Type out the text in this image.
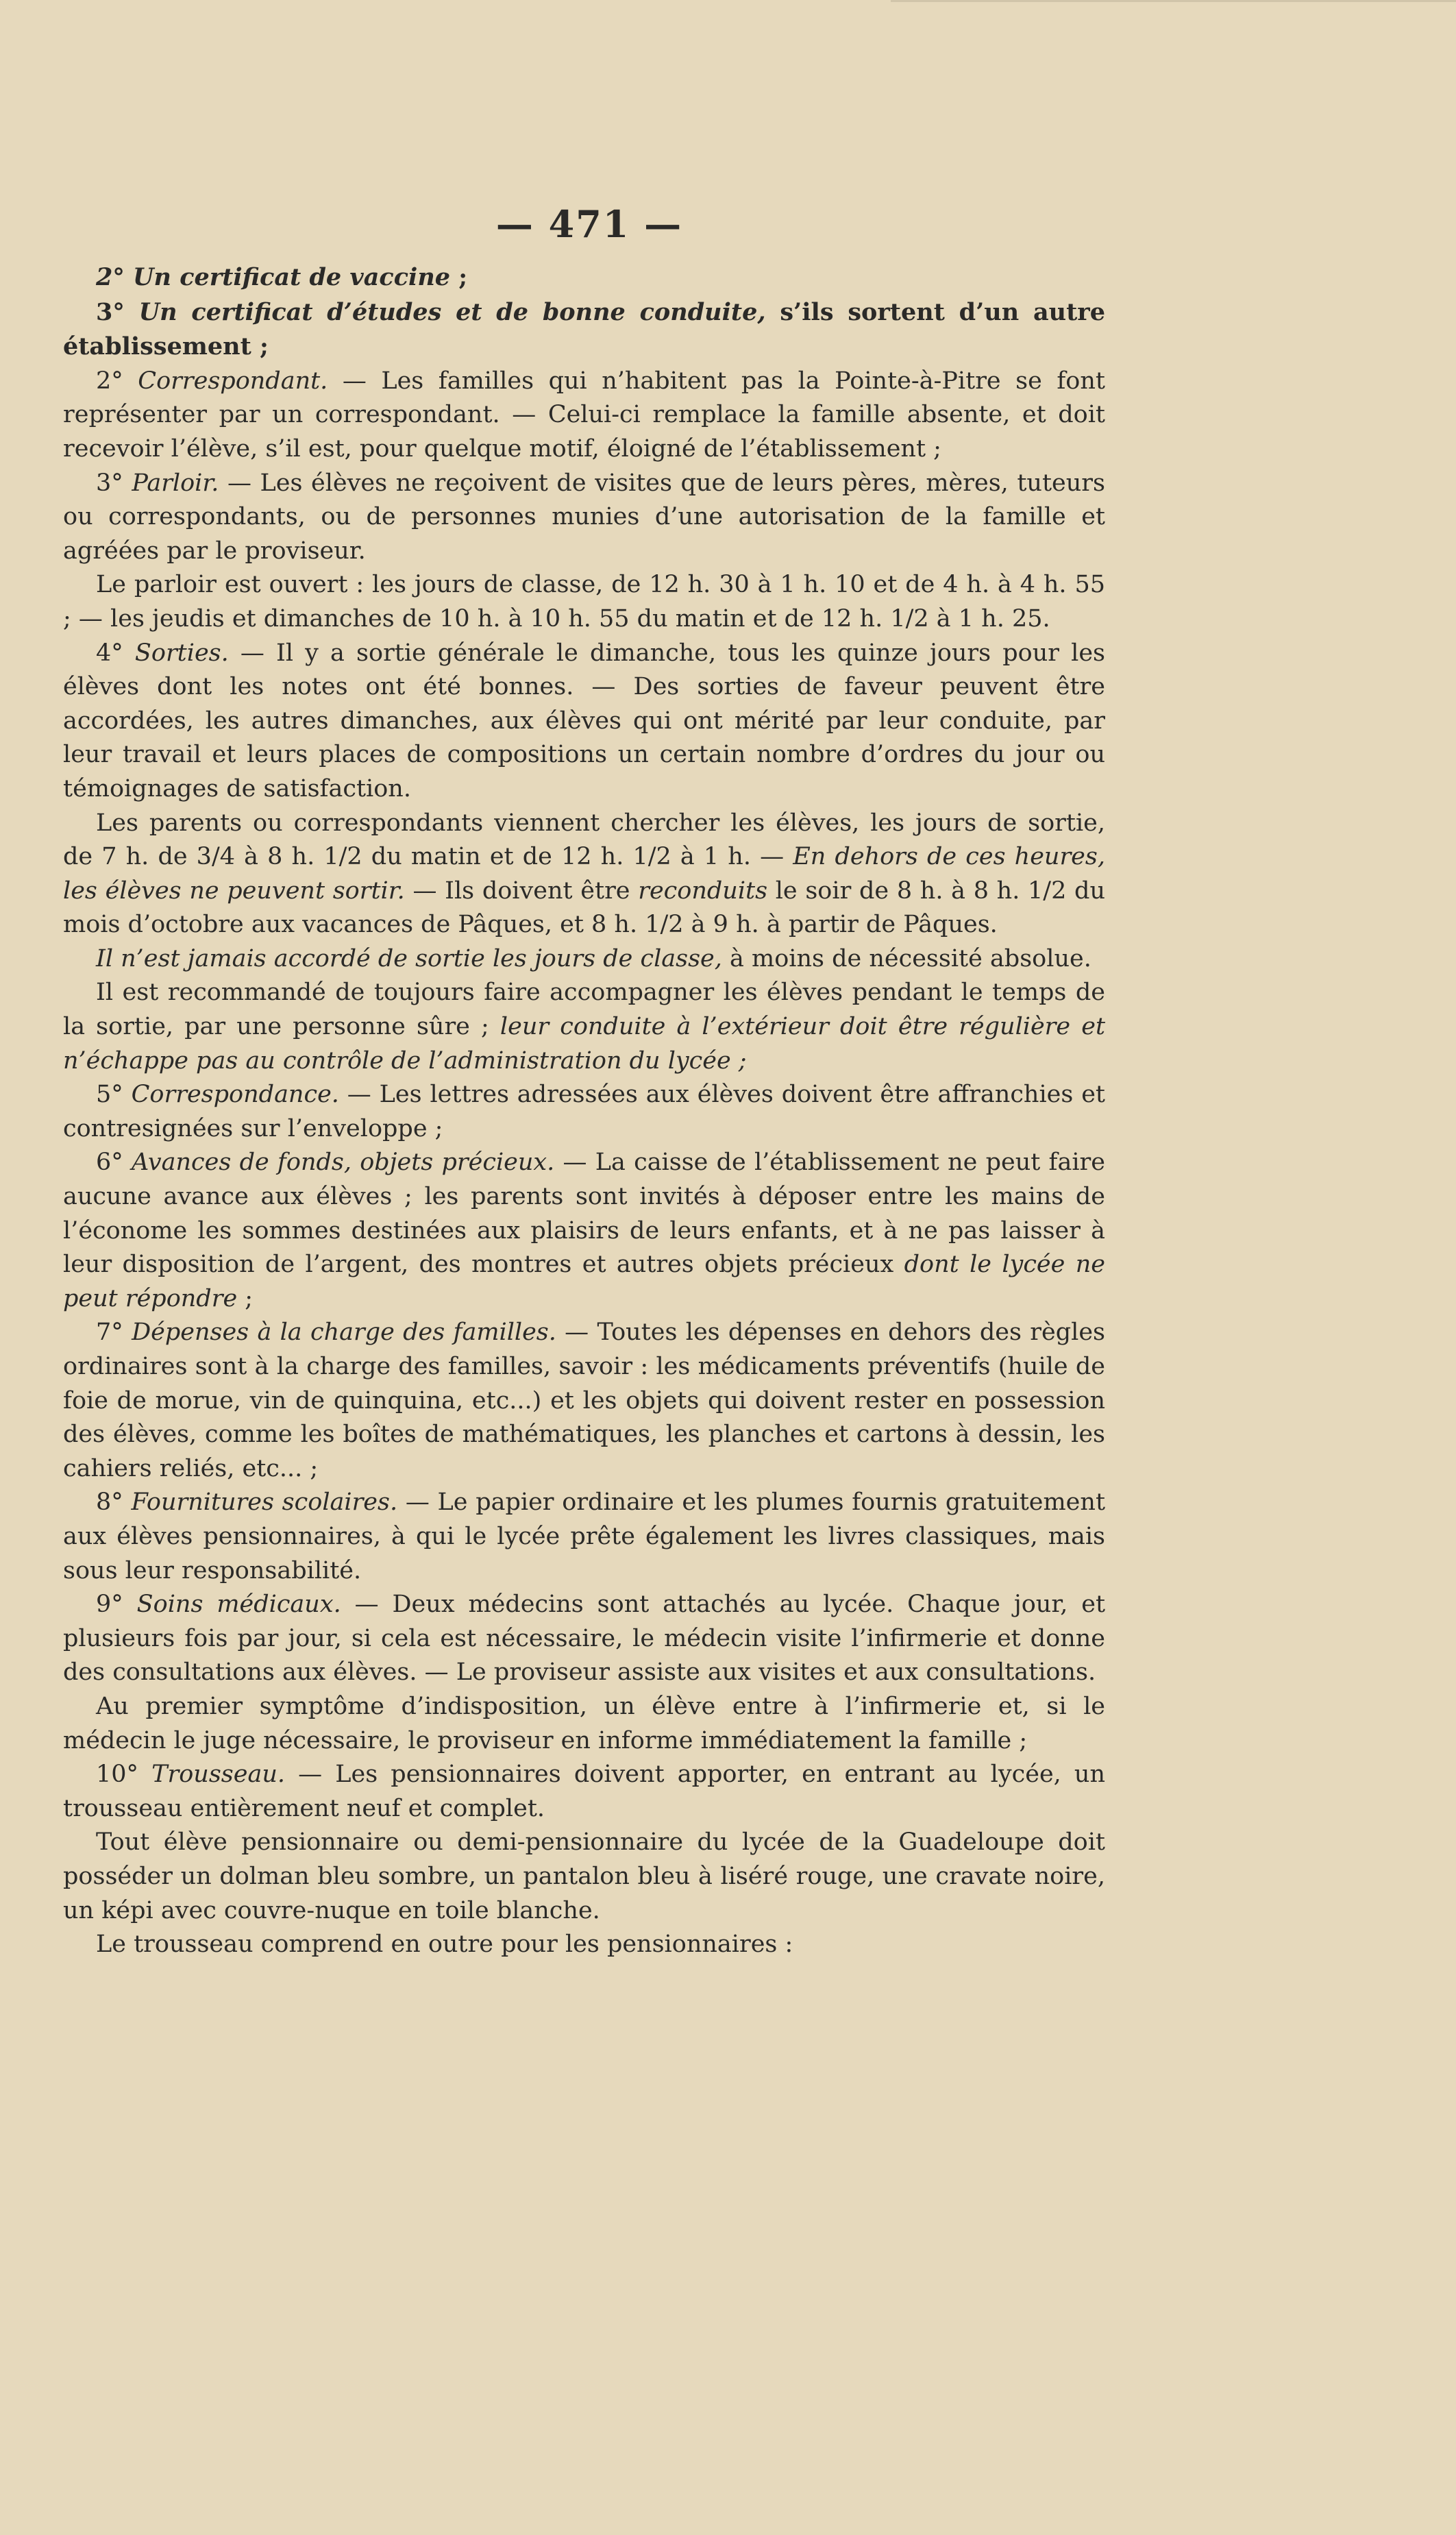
— 471 —

2° Un certificat de vaccine ;

3° Un certificat d’études et de bonne conduite, s’ils sortent d’un autre établissement ;

2° Correspondant. — Les familles qui n’habitent pas la Pointe-à-Pitre se font représenter par un correspondant. — Celui-ci remplace la famille absente, et doit recevoir l’élève, s’il est, pour quelque motif, éloigné de l’établissement ;

3° Parloir. — Les élèves ne reçoivent de visites que de leurs pères, mères, tuteurs ou correspondants, ou de personnes munies d’une autorisation de la famille et agréées par le proviseur.

Le parloir est ouvert : les jours de classe, de 12 h. 30 à 1 h. 10 et de 4 h. à 4 h. 55 ; — les jeudis et dimanches de 10 h. à 10 h. 55 du matin et de 12 h. 1/2 à 1 h. 25.

4° Sorties. — Il y a sortie générale le dimanche, tous les quinze jours pour les élèves dont les notes ont été bonnes. — Des sorties de faveur peuvent être accordées, les autres dimanches, aux élèves qui ont mérité par leur conduite, par leur travail et leurs places de compositions un certain nombre d’ordres du jour ou témoignages de satisfaction.

Les parents ou correspondants viennent chercher les élèves, les jours de sortie, de 7 h. de 3/4 à 8 h. 1/2 du matin et de 12 h. 1/2 à 1 h. — En dehors de ces heures, les élèves ne peuvent sortir. — Ils doivent être reconduits le soir de 8 h. à 8 h. 1/2 du mois d’octobre aux vacances de Pâques, et 8 h. 1/2 à 9 h. à partir de Pâques.

Il n’est jamais accordé de sortie les jours de classe, à moins de nécessité absolue.

Il est recommandé de toujours faire accompagner les élèves pendant le temps de la sortie, par une personne sûre ; leur conduite à l’extérieur doit être régulière et n’échappe pas au contrôle de l’administration du lycée ;

5° Correspondance. — Les lettres adressées aux élèves doivent être affranchies et contresignées sur l’enveloppe ;

6° Avances de fonds, objets précieux. — La caisse de l’établissement ne peut faire aucune avance aux élèves ; les parents sont invités à déposer entre les mains de l’économe les sommes destinées aux plaisirs de leurs enfants, et à ne pas laisser à leur disposition de l’argent, des montres et autres objets précieux dont le lycée ne peut répondre ;

7° Dépenses à la charge des familles. — Toutes les dépenses en dehors des règles ordinaires sont à la charge des familles, savoir : les médicaments préventifs (huile de foie de morue, vin de quinquina, etc...) et les objets qui doivent rester en possession des élèves, comme les boîtes de mathématiques, les planches et cartons à dessin, les cahiers reliés, etc... ;

8° Fournitures scolaires. — Le papier ordinaire et les plumes fournis gratuitement aux élèves pensionnaires, à qui le lycée prête également les livres classiques, mais sous leur responsabilité.

9° Soins médicaux. — Deux médecins sont attachés au lycée. Chaque jour, et plusieurs fois par jour, si cela est nécessaire, le médecin visite l’infirmerie et donne des consultations aux élèves. — Le proviseur assiste aux visites et aux consultations.

Au premier symptôme d’indisposition, un élève entre à l’infirmerie et, si le médecin le juge nécessaire, le proviseur en informe immédiatement la famille ;

10° Trousseau. — Les pensionnaires doivent apporter, en entrant au lycée, un trousseau entièrement neuf et complet.

Tout élève pensionnaire ou demi-pensionnaire du lycée de la Guadeloupe doit posséder un dolman bleu sombre, un pantalon bleu à liséré rouge, une cravate noire, un képi avec couvre-nuque en toile blanche.

Le trousseau comprend en outre pour les pensionnaires :
